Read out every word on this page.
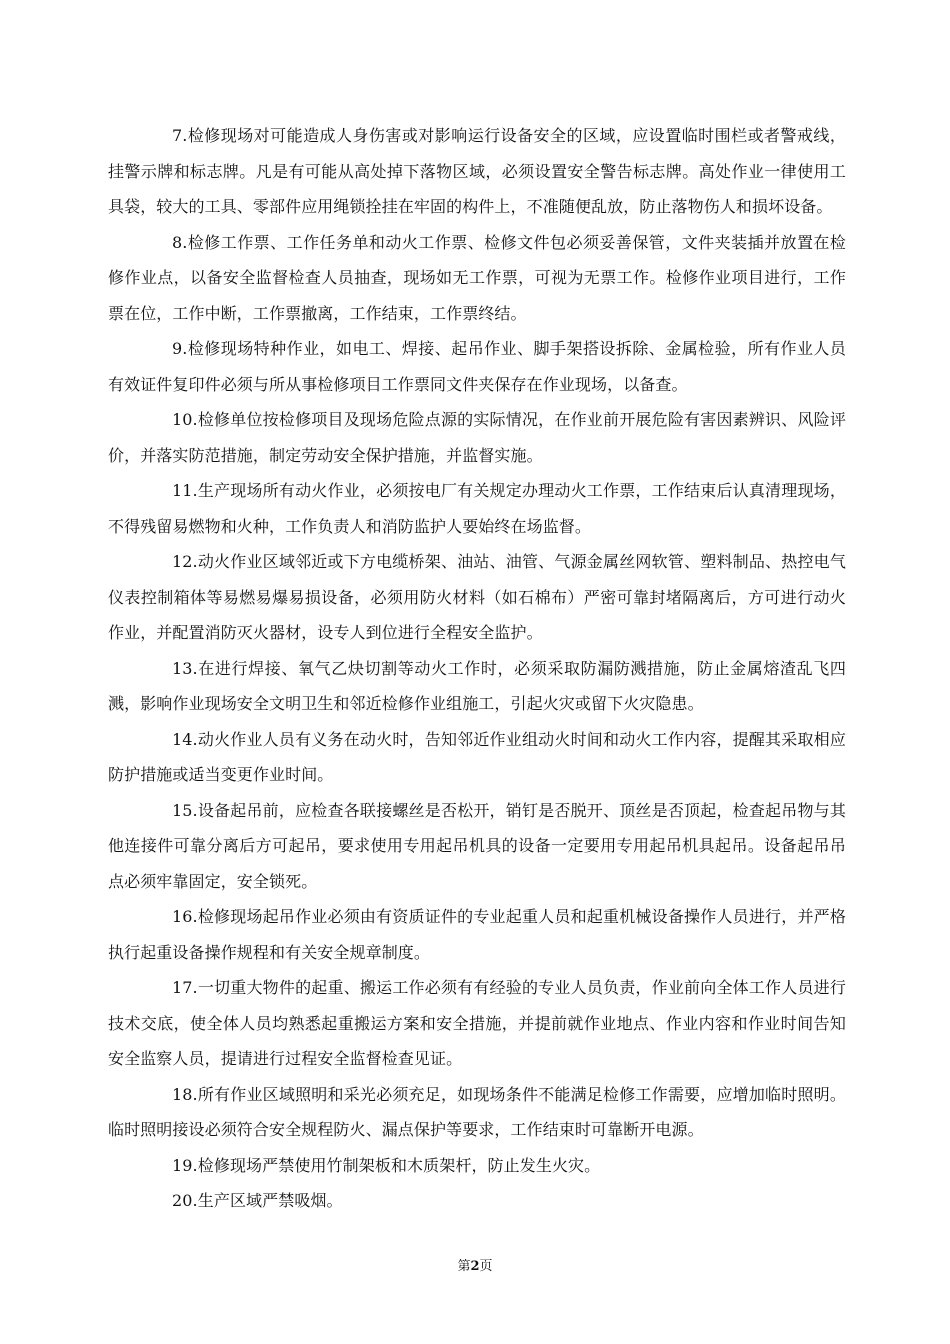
7.检修现场对可能造成人身伤害或对影响运行设备安全的区域，应设置临时围栏或者警戒线，挂警示牌和标志牌。凡是有可能从高处掉下落物区域，必须设置安全警告标志牌。高处作业一律使用工具袋，较大的工具、零部件应用绳锁拴挂在牢固的构件上，不准随便乱放，防止落物伤人和损坏设备。

8.检修工作票、工作任务单和动火工作票、检修文件包必须妥善保管，文件夹装插并放置在检修作业点，以备安全监督检查人员抽查，现场如无工作票，可视为无票工作。检修作业项目进行，工作票在位，工作中断，工作票撤离，工作结束，工作票终结。

9.检修现场特种作业，如电工、焊接、起吊作业、脚手架搭设拆除、金属检验，所有作业人员有效证件复印件必须与所从事检修项目工作票同文件夹保存在作业现场，以备查。

10.检修单位按检修项目及现场危险点源的实际情况，在作业前开展危险有害因素辨识、风险评价，并落实防范措施，制定劳动安全保护措施，并监督实施。

11.生产现场所有动火作业，必须按电厂有关规定办理动火工作票，工作结束后认真清理现场，不得残留易燃物和火种，工作负责人和消防监护人要始终在场监督。

12.动火作业区域邻近或下方电缆桥架、油站、油管、气源金属丝网软管、塑料制品、热控电气仪表控制箱体等易燃易爆易损设备，必须用防火材料（如石棉布）严密可靠封堵隔离后，方可进行动火作业，并配置消防灭火器材，设专人到位进行全程安全监护。

13.在进行焊接、氧气乙炔切割等动火工作时，必须采取防漏防溅措施，防止金属熔渣乱飞四溅，影响作业现场安全文明卫生和邻近检修作业组施工，引起火灾或留下火灾隐患。

14.动火作业人员有义务在动火时，告知邻近作业组动火时间和动火工作内容，提醒其采取相应防护措施或适当变更作业时间。

15.设备起吊前，应检查各联接螺丝是否松开，销钉是否脱开、顶丝是否顶起，检查起吊物与其他连接件可靠分离后方可起吊，要求使用专用起吊机具的设备一定要用专用起吊机具起吊。设备起吊吊点必须牢靠固定，安全锁死。

16.检修现场起吊作业必须由有资质证件的专业起重人员和起重机械设备操作人员进行，并严格执行起重设备操作规程和有关安全规章制度。

17.一切重大物件的起重、搬运工作必须有有经验的专业人员负责，作业前向全体工作人员进行技术交底，使全体人员均熟悉起重搬运方案和安全措施，并提前就作业地点、作业内容和作业时间告知安全监察人员，提请进行过程安全监督检查见证。

18.所有作业区域照明和采光必须充足，如现场条件不能满足检修工作需要，应增加临时照明。临时照明接设必须符合安全规程防火、漏点保护等要求，工作结束时可靠断开电源。

19.检修现场严禁使用竹制架板和木质架杆，防止发生火灾。

20.生产区域严禁吸烟。

第2页
